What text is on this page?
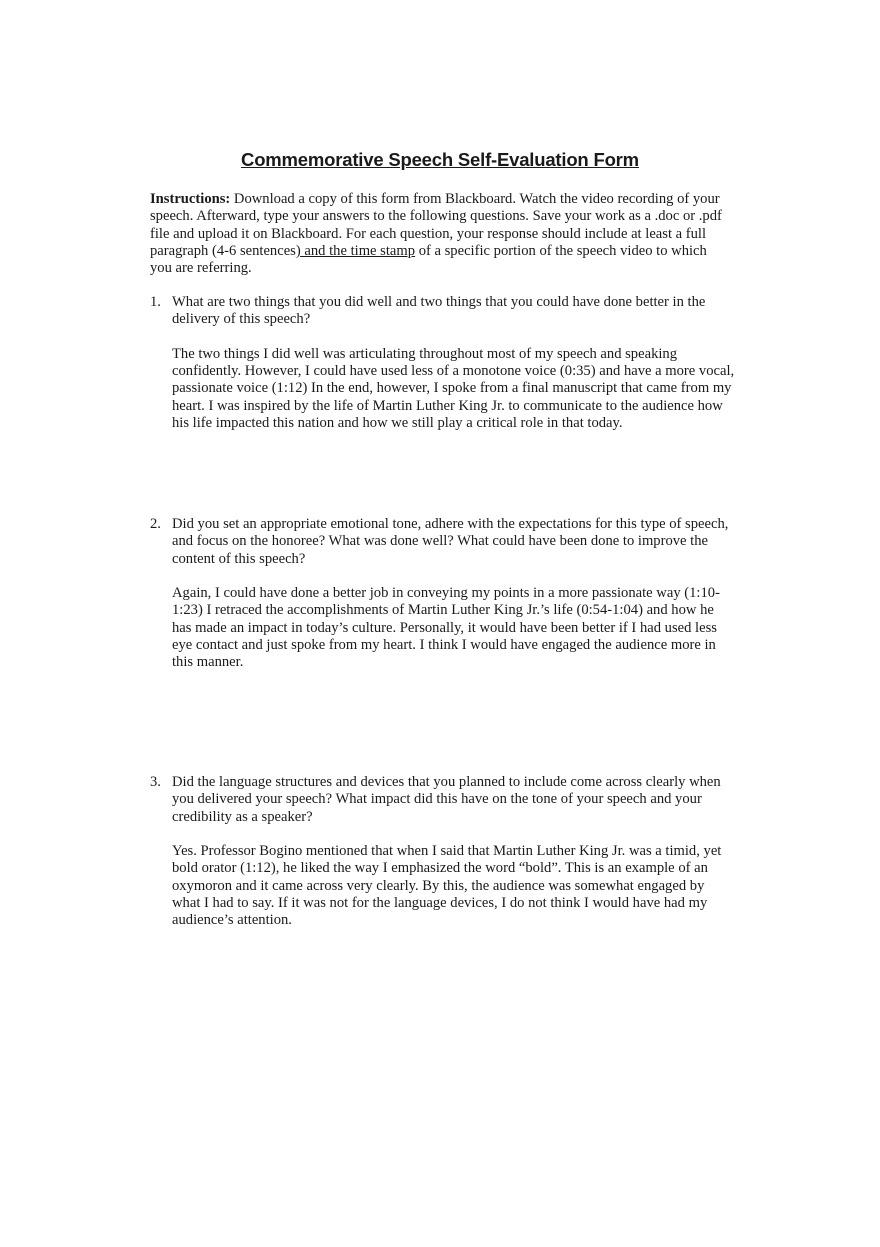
Commemorative Speech Self-Evaluation Form
Instructions: Download a copy of this form from Blackboard. Watch the video recording of your speech. Afterward, type your answers to the following questions. Save your work as a .doc or .pdf file and upload it on Blackboard. For each question, your response should include at least a full paragraph (4-6 sentences) and the time stamp of a specific portion of the speech video to which you are referring.
1. What are two things that you did well and two things that you could have done better in the delivery of this speech?
The two things I did well was articulating throughout most of my speech and speaking confidently. However, I could have used less of a monotone voice (0:35) and have a more vocal, passionate voice (1:12) In the end, however, I spoke from a final manuscript that came from my heart. I was inspired by the life of Martin Luther King Jr. to communicate to the audience how his life impacted this nation and how we still play a critical role in that today.
2. Did you set an appropriate emotional tone, adhere with the expectations for this type of speech, and focus on the honoree? What was done well? What could have been done to improve the content of this speech?
Again, I could have done a better job in conveying my points in a more passionate way (1:10-1:23) I retraced the accomplishments of Martin Luther King Jr.’s life (0:54-1:04) and how he has made an impact in today’s culture. Personally, it would have been better if I had used less eye contact and just spoke from my heart. I think I would have engaged the audience more in this manner.
3. Did the language structures and devices that you planned to include come across clearly when you delivered your speech? What impact did this have on the tone of your speech and your credibility as a speaker?
Yes. Professor Bogino mentioned that when I said that Martin Luther King Jr. was a timid, yet bold orator (1:12), he liked the way I emphasized the word “bold”. This is an example of an oxymoron and it came across very clearly. By this, the audience was somewhat engaged by what I had to say. If it was not for the language devices, I do not think I would have had my audience’s attention.
